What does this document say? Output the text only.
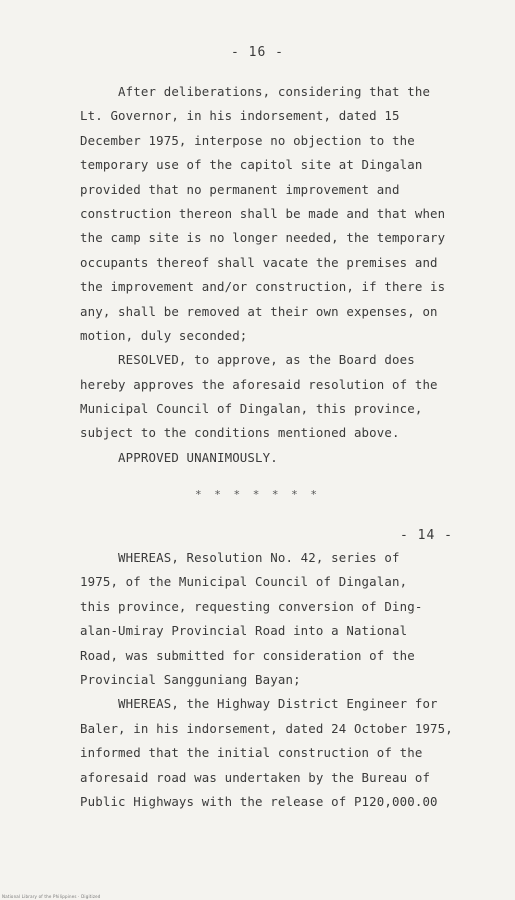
- 16 -
After deliberations, considering that the
Lt. Governor, in his indorsement, dated 15
December 1975, interpose no objection to the
temporary use of the capitol site at Dingalan
provided that no permanent improvement and
construction thereon shall be made and that when
the camp site is no longer needed, the temporary
occupants thereof shall vacate the premises and
the improvement and/or construction, if there is
any, shall be removed at their own expenses, on
motion, duly seconded;
RESOLVED, to approve, as the Board does
hereby approves the aforesaid resolution of the
Municipal Council of Dingalan, this province,
subject to the conditions mentioned above.
APPROVED UNANIMOUSLY.
* * * * * * *
- 14 -
WHEREAS, Resolution No. 42, series of
1975, of the Municipal Council of Dingalan,
this province, requesting conversion of Ding-
alan-Umiray Provincial Road into a National
Road, was submitted for consideration of the
Provincial Sangguniang Bayan;
WHEREAS, the Highway District Engineer for
Baler, in his indorsement, dated 24 October 1975,
informed that the initial construction of the
aforesaid road was undertaken by the Bureau of
Public Highways with the release of P120,000.00
National Library of the Philippines · Digitized
